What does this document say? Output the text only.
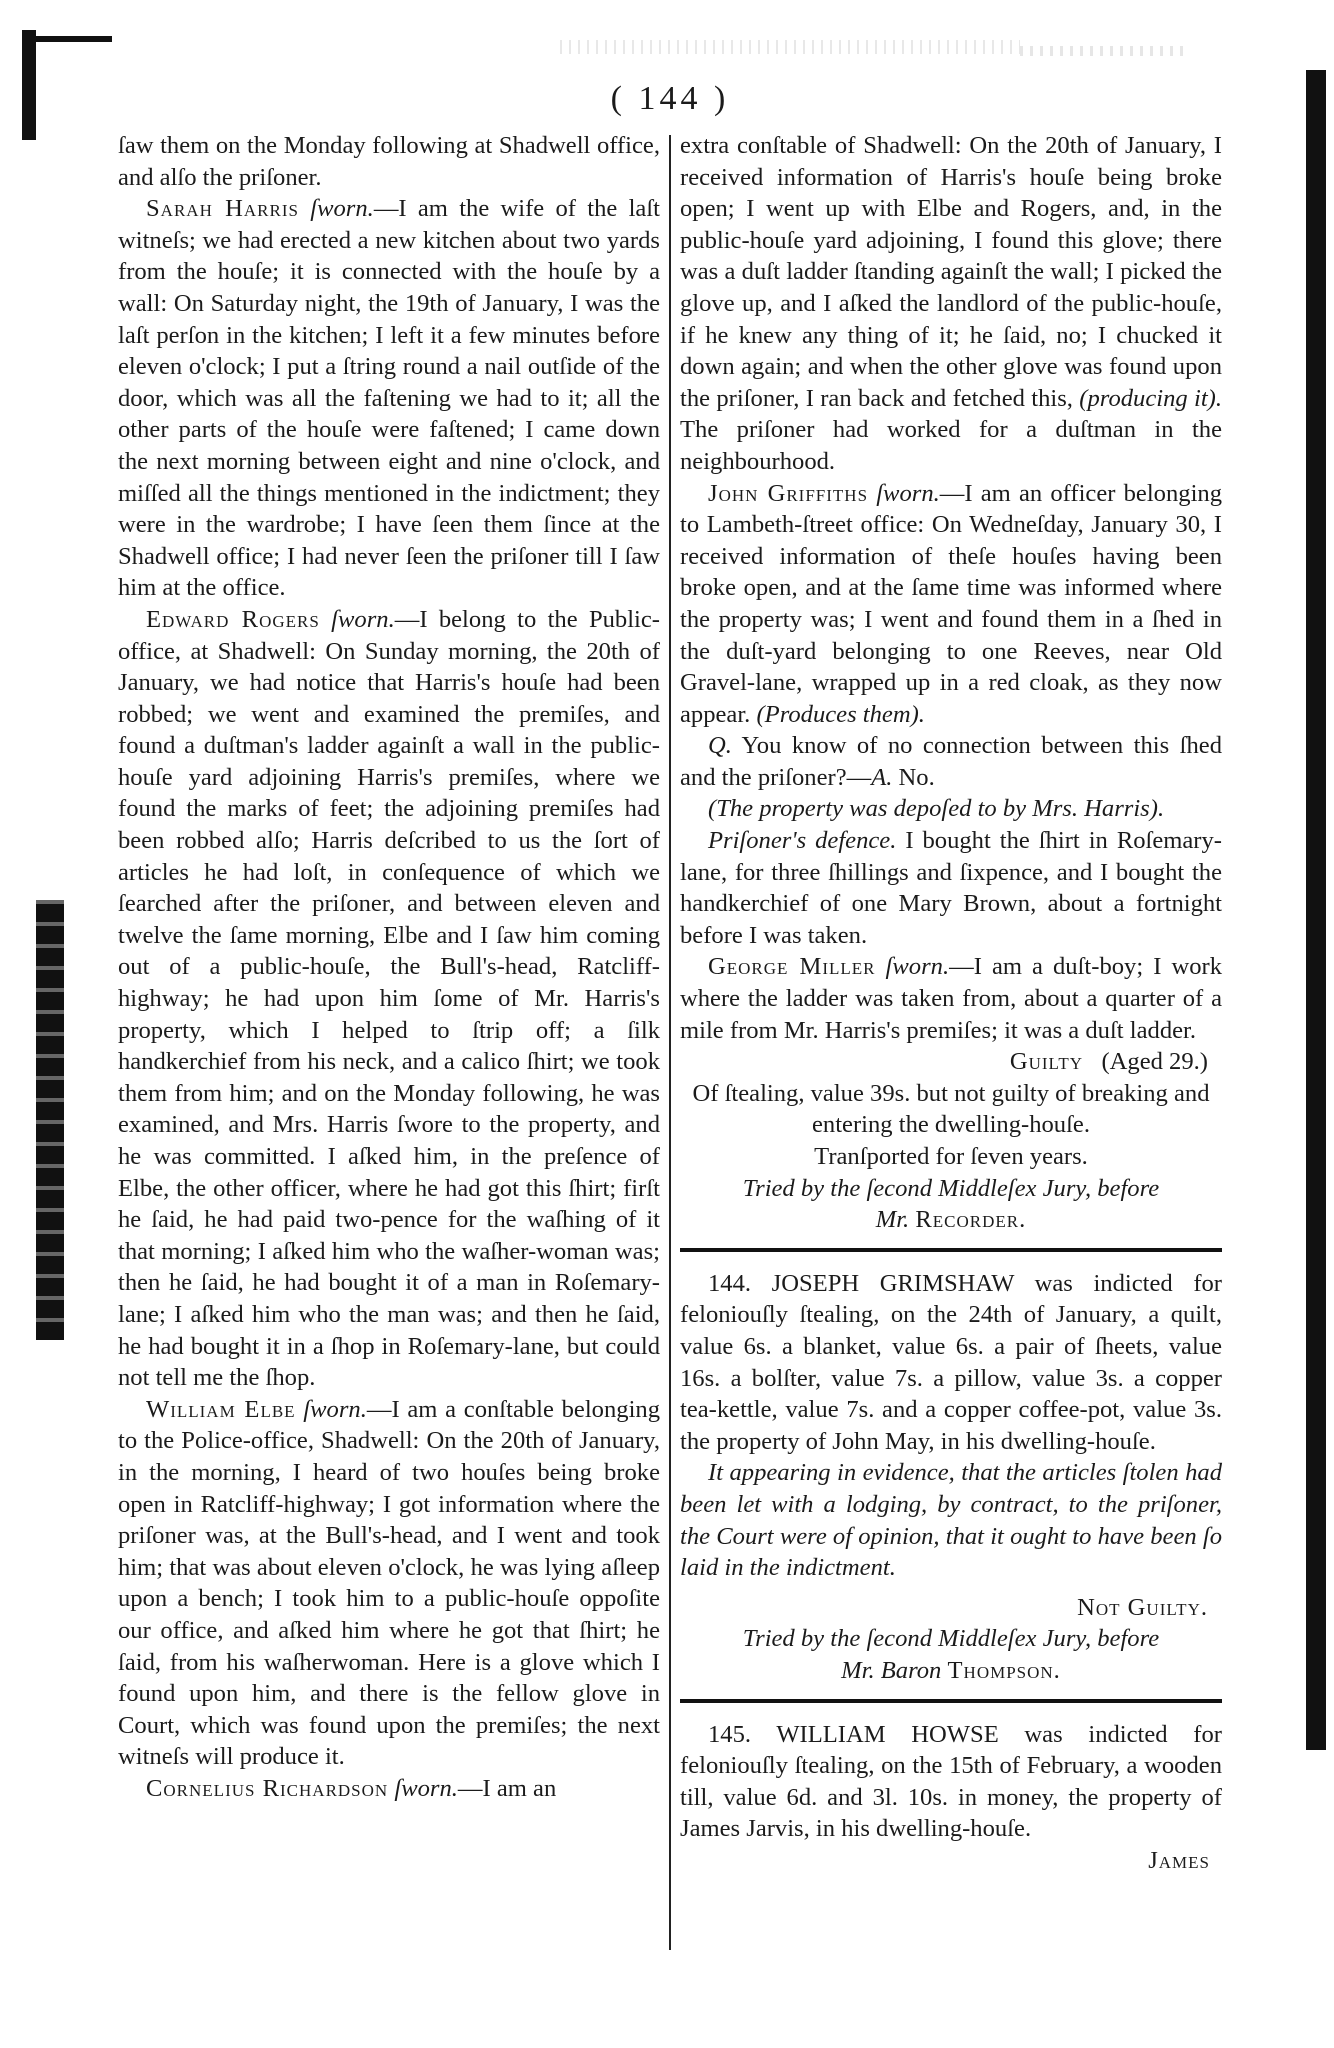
( 144 )

ſaw them on the Monday following at Shadwell office, and alſo the priſoner.

Sarah Harris ſworn.—I am the wife of the laſt witneſs; we had erected a new kitchen about two yards from the houſe; it is connected with the houſe by a wall: On Saturday night, the 19th of January, I was the laſt perſon in the kitchen; I left it a few minutes before eleven o'clock; I put a ſtring round a nail outſide of the door, which was all the faſtening we had to it; all the other parts of the houſe were faſtened; I came down the next morning between eight and nine o'clock, and miſſed all the things mentioned in the indictment; they were in the wardrobe; I have ſeen them ſince at the Shadwell office; I had never ſeen the priſoner till I ſaw him at the office.

Edward Rogers ſworn.—I belong to the Public-office, at Shadwell: On Sunday morning, the 20th of January, we had notice that Harris's houſe had been robbed; we went and examined the premiſes, and found a duſtman's ladder againſt a wall in the public-houſe yard adjoining Harris's premiſes, where we found the marks of feet; the adjoining premiſes had been robbed alſo; Harris deſcribed to us the ſort of articles he had loſt, in conſequence of which we ſearched after the priſoner, and between eleven and twelve the ſame morning, Elbe and I ſaw him coming out of a public-houſe, the Bull's-head, Ratcliff-highway; he had upon him ſome of Mr. Harris's property, which I helped to ſtrip off; a ſilk handkerchief from his neck, and a calico ſhirt; we took them from him; and on the Monday following, he was examined, and Mrs. Harris ſwore to the property, and he was committed. I aſked him, in the preſence of Elbe, the other officer, where he had got this ſhirt; firſt he ſaid, he had paid two-pence for the waſhing of it that morning; I aſked him who the waſher-woman was; then he ſaid, he had bought it of a man in Roſemary-lane; I aſked him who the man was; and then he ſaid, he had bought it in a ſhop in Roſemary-lane, but could not tell me the ſhop.

William Elbe ſworn.—I am a conſtable belonging to the Police-office, Shadwell: On the 20th of January, in the morning, I heard of two houſes being broke open in Ratcliff-highway; I got information where the priſoner was, at the Bull's-head, and I went and took him; that was about eleven o'clock, he was lying aſleep upon a bench; I took him to a public-houſe oppoſite our office, and aſked him where he got that ſhirt; he ſaid, from his waſherwoman. Here is a glove which I found upon him, and there is the fellow glove in Court, which was found upon the premiſes; the next witneſs will produce it.

Cornelius Richardson ſworn.—I am an

extra conſtable of Shadwell: On the 20th of January, I received information of Harris's houſe being broke open; I went up with Elbe and Rogers, and, in the public-houſe yard adjoining, I found this glove; there was a duſt ladder ſtanding againſt the wall; I picked the glove up, and I aſked the landlord of the public-houſe, if he knew any thing of it; he ſaid, no; I chucked it down again; and when the other glove was found upon the priſoner, I ran back and fetched this, (producing it). The priſoner had worked for a duſtman in the neighbourhood.

John Griffiths ſworn.—I am an officer belonging to Lambeth-ſtreet office: On Wedneſday, January 30, I received information of theſe houſes having been broke open, and at the ſame time was informed where the property was; I went and found them in a ſhed in the duſt-yard belonging to one Reeves, near Old Gravel-lane, wrapped up in a red cloak, as they now appear. (Produces them).

Q. You know of no connection between this ſhed and the priſoner?—A. No.

(The property was depoſed to by Mrs. Harris).

Priſoner's defence. I bought the ſhirt in Roſemary-lane, for three ſhillings and ſixpence, and I bought the handkerchief of one Mary Brown, about a fortnight before I was taken.

George Miller ſworn.—I am a duſt-boy; I work where the ladder was taken from, about a quarter of a mile from Mr. Harris's premiſes; it was a duſt ladder.

Guilty (Aged 29.)

Of ſtealing, value 39s. but not guilty of breaking and entering the dwelling-houſe.

Tranſported for ſeven years.

Tried by the ſecond Middleſex Jury, before

Mr. Recorder.

144. JOSEPH GRIMSHAW was indicted for feloniouſly ſtealing, on the 24th of January, a quilt, value 6s. a blanket, value 6s. a pair of ſheets, value 16s. a bolſter, value 7s. a pillow, value 3s. a copper tea-kettle, value 7s. and a copper coffee-pot, value 3s. the property of John May, in his dwelling-houſe.

It appearing in evidence, that the articles ſtolen had been let with a lodging, by contract, to the priſoner, the Court were of opinion, that it ought to have been ſo laid in the indictment.

Not Guilty.

Tried by the ſecond Middleſex Jury, before

Mr. Baron Thompson.

145. WILLIAM HOWSE was indicted for feloniouſly ſtealing, on the 15th of February, a wooden till, value 6d. and 3l. 10s. in money, the property of James Jarvis, in his dwelling-houſe.

James
